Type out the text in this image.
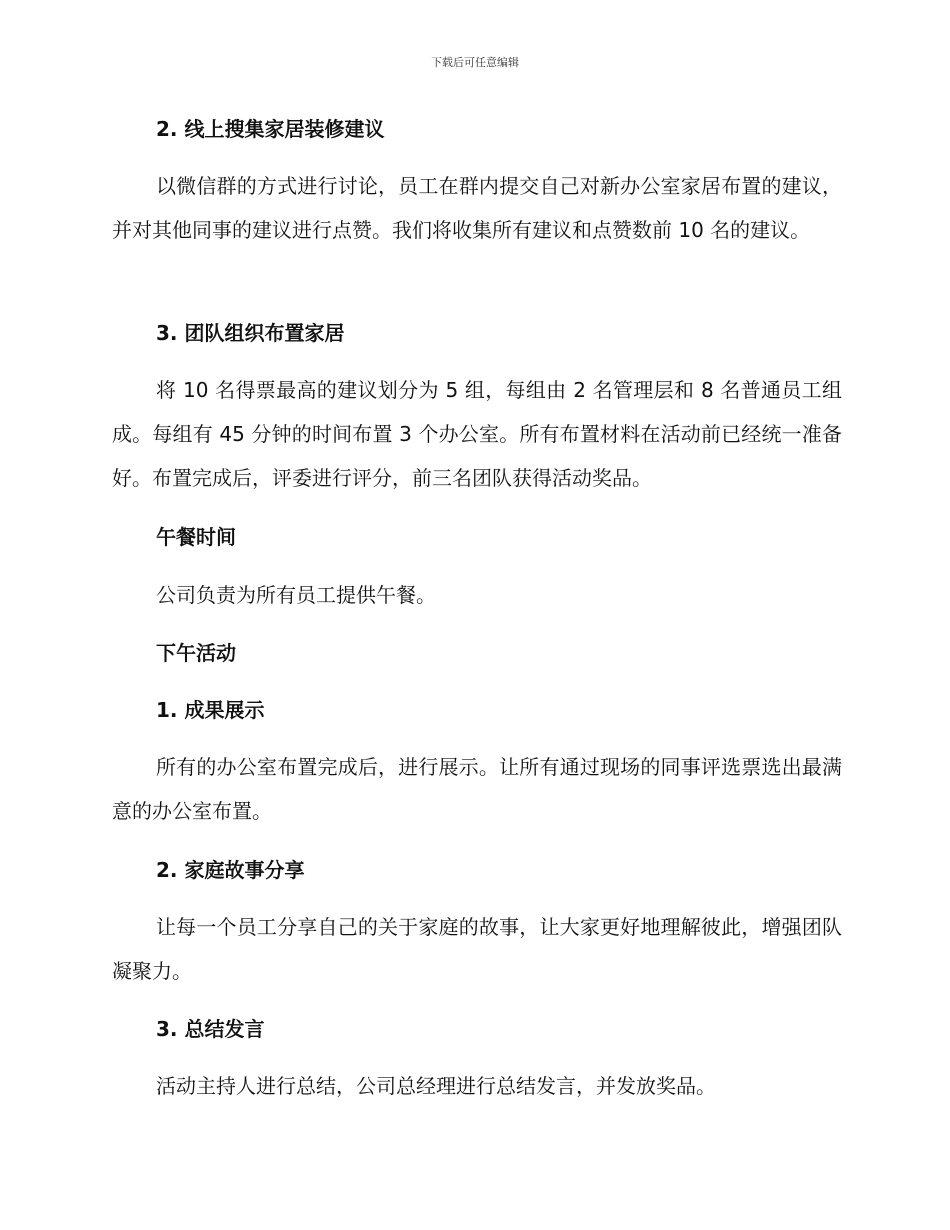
下载后可任意编辑

2. 线上搜集家居装修建议

以微信群的方式进行讨论，员工在群内提交自己对新办公室家居布置的建议，并对其他同事的建议进行点赞。我们将收集所有建议和点赞数前 10 名的建议。

3. 团队组织布置家居

将 10 名得票最高的建议划分为 5 组，每组由 2 名管理层和 8 名普通员工组成。每组有 45 分钟的时间布置 3 个办公室。所有布置材料在活动前已经统一准备好。布置完成后，评委进行评分，前三名团队获得活动奖品。

午餐时间

公司负责为所有员工提供午餐。

下午活动

1. 成果展示

所有的办公室布置完成后，进行展示。让所有通过现场的同事评选票选出最满意的办公室布置。

2. 家庭故事分享

让每一个员工分享自己的关于家庭的故事，让大家更好地理解彼此，增强团队凝聚力。

3. 总结发言

活动主持人进行总结，公司总经理进行总结发言，并发放奖品。
